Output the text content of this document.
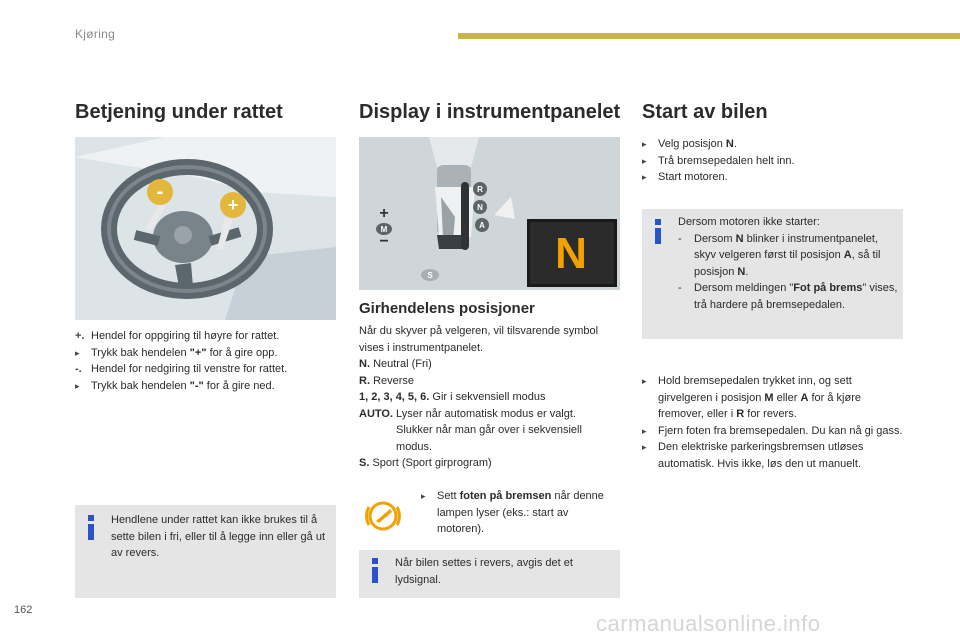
Kjøring
Betjening under rattet
-
+
+. Hendel for oppgiring til høyre for rattet.
▸	Trykk bak hendelen "+" for å gire opp.
-. Hendel for nedgiring til venstre for rattet.
▸	Trykk bak hendelen "-" for å gire ned.
Hendlene under rattet kan ikke brukes til å sette bilen i fri, eller til å legge inn eller gå ut av revers.
Display i instrumentpanelet
R
N
A
M
+
−
S	N
Girhendelens posisjoner
Når du skyver på velgeren, vil tilsvarende symbol vises i instrumentpanelet.
N. Neutral (Fri)
R. Reverse
1, 2, 3, 4, 5, 6. Gir i sekvensiell modus
AUTO. Lyser når automatisk modus er valgt. Slukker når man går over i sekvensiell modus.
S. Sport (Sport girprogram)
▸	Sett foten på bremsen når denne lampen lyser (eks.: start av motoren).
Når bilen settes i revers, avgis det et lydsignal.
Start av bilen
▸	Velg posisjon N.
▸	Trå bremsepedalen helt inn.
▸	Start motoren.
Dersom motoren ikke starter:
-	Dersom N blinker i instrumentpanelet, skyv velgeren først til posisjon A, så til posisjon N.
-	Dersom meldingen "Fot på brems" vises, trå hardere på bremsepedalen.
▸	Hold bremsepedalen trykket inn, og sett girvelgeren i posisjon M eller A for å kjøre fremover, eller i R for revers.
▸	Fjern foten fra bremsepedalen. Du kan nå gi gass.
▸	Den elektriske parkeringsbremsen utløses automatisk. Hvis ikke, løs den ut manuelt.
162
carmanualsonline.info
